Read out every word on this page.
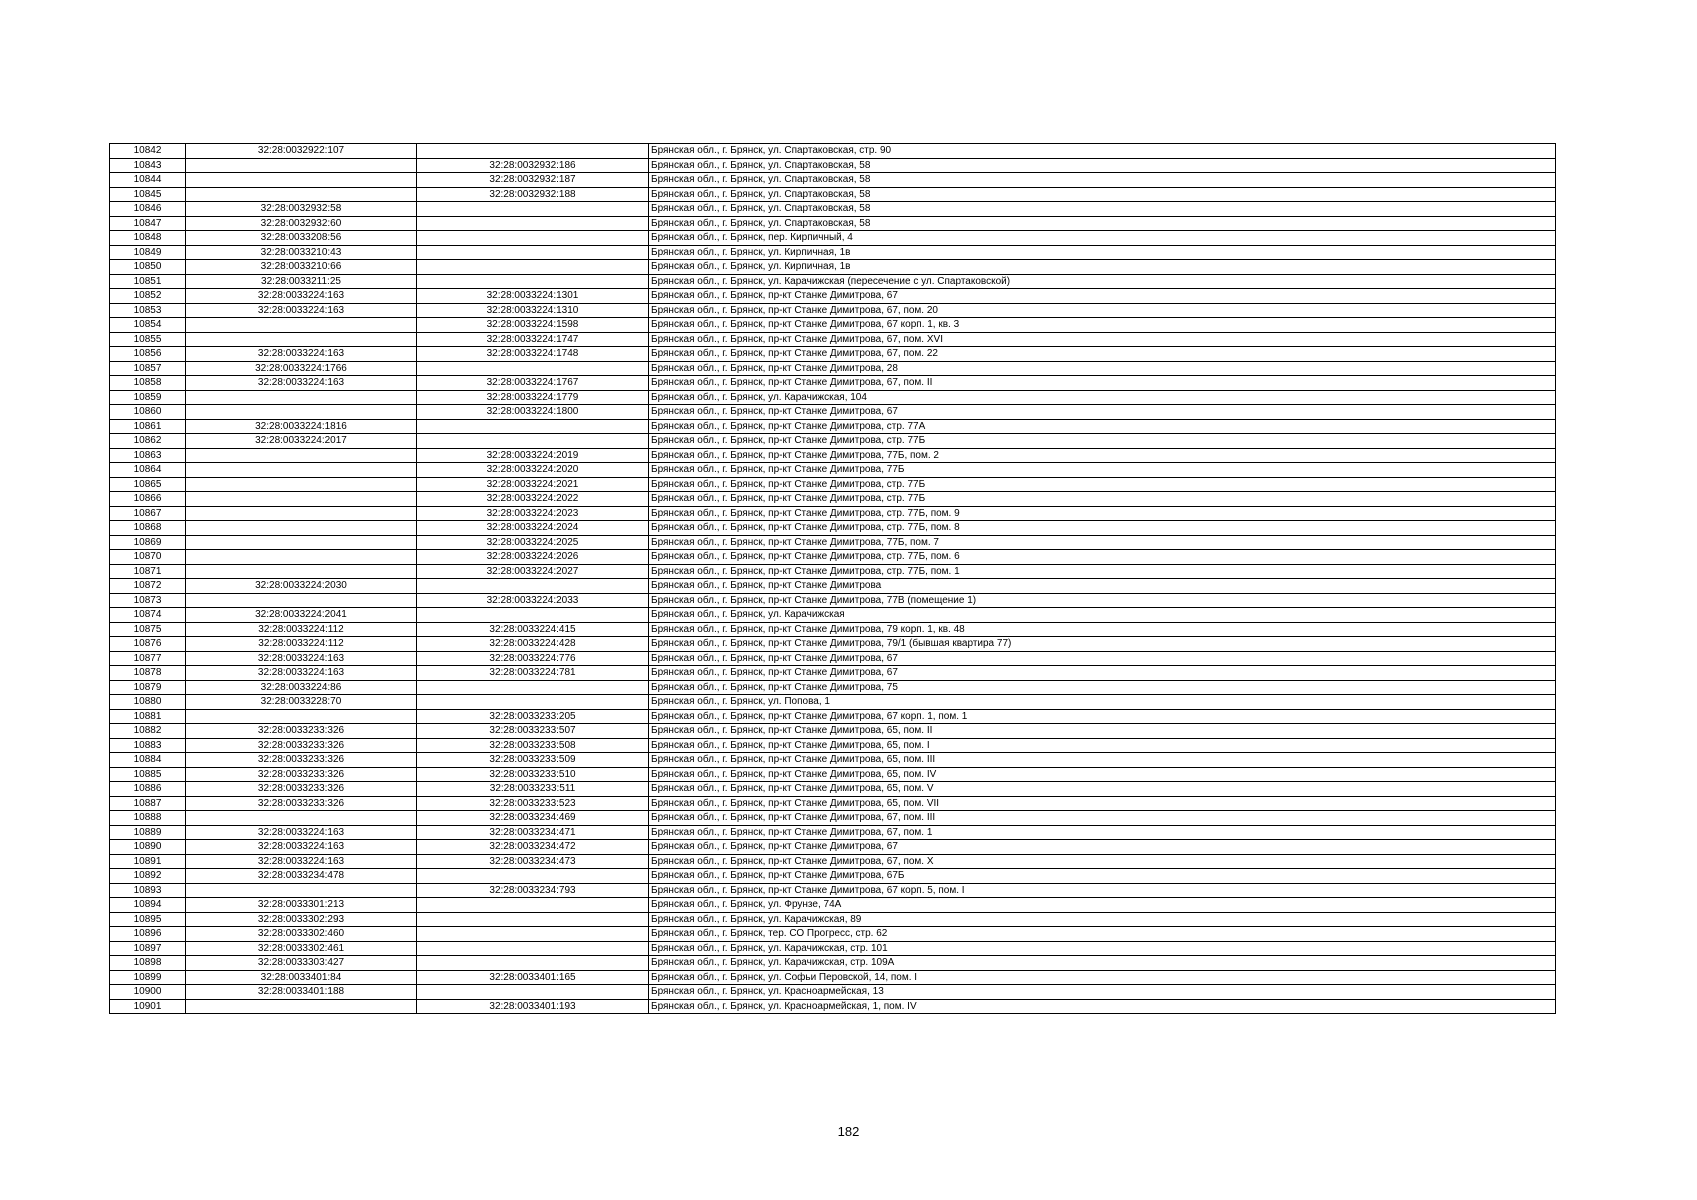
10842	32:28:0032922:107		Брянская обл., г. Брянск, ул. Спартаковская, стр. 90
10843		32:28:0032932:186	Брянская обл., г. Брянск, ул. Спартаковская, 58
10844		32:28:0032932:187	Брянская обл., г. Брянск, ул. Спартаковская, 58
10845		32:28:0032932:188	Брянская обл., г. Брянск, ул. Спартаковская, 58
10846	32:28:0032932:58		Брянская обл., г. Брянск, ул. Спартаковская, 58
10847	32:28:0032932:60		Брянская обл., г. Брянск, ул. Спартаковская, 58
10848	32:28:0033208:56		Брянская обл., г. Брянск, пер. Кирпичный, 4
10849	32:28:0033210:43		Брянская обл., г. Брянск, ул. Кирпичная, 1в
10850	32:28:0033210:66		Брянская обл., г. Брянск, ул. Кирпичная, 1в
10851	32:28:0033211:25		Брянская обл., г. Брянск, ул. Карачижская (пересечение с ул. Спартаковской)
10852	32:28:0033224:163	32:28:0033224:1301	Брянская обл., г. Брянск, пр-кт Станке Димитрова, 67
10853	32:28:0033224:163	32:28:0033224:1310	Брянская обл., г. Брянск, пр-кт Станке Димитрова, 67, пом. 20
10854		32:28:0033224:1598	Брянская обл., г. Брянск, пр-кт Станке Димитрова, 67 корп. 1, кв. 3
10855		32:28:0033224:1747	Брянская обл., г. Брянск, пр-кт Станке Димитрова, 67, пом. XVI
10856	32:28:0033224:163	32:28:0033224:1748	Брянская обл., г. Брянск, пр-кт Станке Димитрова, 67, пом. 22
10857	32:28:0033224:1766		Брянская обл., г. Брянск, пр-кт Станке Димитрова, 28
10858	32:28:0033224:163	32:28:0033224:1767	Брянская обл., г. Брянск, пр-кт Станке Димитрова, 67, пом. II
10859		32:28:0033224:1779	Брянская обл., г. Брянск, ул. Карачижская, 104
10860		32:28:0033224:1800	Брянская обл., г. Брянск, пр-кт Станке Димитрова, 67
10861	32:28:0033224:1816		Брянская обл., г. Брянск, пр-кт Станке Димитрова, стр. 77А
10862	32:28:0033224:2017		Брянская обл., г. Брянск, пр-кт Станке Димитрова, стр. 77Б
10863		32:28:0033224:2019	Брянская обл., г. Брянск, пр-кт Станке Димитрова, 77Б, пом. 2
10864		32:28:0033224:2020	Брянская обл., г. Брянск, пр-кт Станке Димитрова, 77Б
10865		32:28:0033224:2021	Брянская обл., г. Брянск, пр-кт Станке Димитрова, стр. 77Б
10866		32:28:0033224:2022	Брянская обл., г. Брянск, пр-кт Станке Димитрова, стр. 77Б
10867		32:28:0033224:2023	Брянская обл., г. Брянск, пр-кт Станке Димитрова, стр. 77Б, пом. 9
10868		32:28:0033224:2024	Брянская обл., г. Брянск, пр-кт Станке Димитрова, стр. 77Б, пом. 8
10869		32:28:0033224:2025	Брянская обл., г. Брянск, пр-кт Станке Димитрова, 77Б, пом. 7
10870		32:28:0033224:2026	Брянская обл., г. Брянск, пр-кт Станке Димитрова, стр. 77Б, пом. 6
10871		32:28:0033224:2027	Брянская обл., г. Брянск, пр-кт Станке Димитрова, стр. 77Б, пом. 1
10872	32:28:0033224:2030		Брянская обл., г. Брянск, пр-кт Станке Димитрова
10873		32:28:0033224:2033	Брянская обл., г. Брянск, пр-кт Станке Димитрова, 77В (помещение 1)
10874	32:28:0033224:2041		Брянская обл., г. Брянск, ул. Карачижская
10875	32:28:0033224:112	32:28:0033224:415	Брянская обл., г. Брянск, пр-кт Станке Димитрова, 79 корп. 1, кв. 48
10876	32:28:0033224:112	32:28:0033224:428	Брянская обл., г. Брянск, пр-кт Станке Димитрова, 79/1 (бывшая квартира 77)
10877	32:28:0033224:163	32:28:0033224:776	Брянская обл., г. Брянск, пр-кт Станке Димитрова, 67
10878	32:28:0033224:163	32:28:0033224:781	Брянская обл., г. Брянск, пр-кт Станке Димитрова, 67
10879	32:28:0033224:86		Брянская обл., г. Брянск, пр-кт Станке Димитрова, 75
10880	32:28:0033228:70		Брянская обл., г. Брянск, ул. Попова, 1
10881		32:28:0033233:205	Брянская обл., г. Брянск, пр-кт Станке Димитрова, 67 корп. 1, пом. 1
10882	32:28:0033233:326	32:28:0033233:507	Брянская обл., г. Брянск, пр-кт Станке Димитрова, 65, пом. II
10883	32:28:0033233:326	32:28:0033233:508	Брянская обл., г. Брянск, пр-кт Станке Димитрова, 65, пом. I
10884	32:28:0033233:326	32:28:0033233:509	Брянская обл., г. Брянск, пр-кт Станке Димитрова, 65, пом. III
10885	32:28:0033233:326	32:28:0033233:510	Брянская обл., г. Брянск, пр-кт Станке Димитрова, 65, пом. IV
10886	32:28:0033233:326	32:28:0033233:511	Брянская обл., г. Брянск, пр-кт Станке Димитрова, 65, пом. V
10887	32:28:0033233:326	32:28:0033233:523	Брянская обл., г. Брянск, пр-кт Станке Димитрова, 65, пом. VII
10888		32:28:0033234:469	Брянская обл., г. Брянск, пр-кт Станке Димитрова, 67, пом. III
10889	32:28:0033224:163	32:28:0033234:471	Брянская обл., г. Брянск, пр-кт Станке Димитрова, 67, пом. 1
10890	32:28:0033224:163	32:28:0033234:472	Брянская обл., г. Брянск, пр-кт Станке Димитрова, 67
10891	32:28:0033224:163	32:28:0033234:473	Брянская обл., г. Брянск, пр-кт Станке Димитрова, 67, пом. X
10892	32:28:0033234:478		Брянская обл., г. Брянск, пр-кт Станке Димитрова, 67Б
10893		32:28:0033234:793	Брянская обл., г. Брянск, пр-кт Станке Димитрова, 67 корп. 5, пом. I
10894	32:28:0033301:213		Брянская обл., г. Брянск, ул. Фрунзе, 74А
10895	32:28:0033302:293		Брянская обл., г. Брянск, ул. Карачижская, 89
10896	32:28:0033302:460		Брянская обл., г. Брянск, тер. СО Прогресс, стр. 62
10897	32:28:0033302:461		Брянская обл., г. Брянск, ул. Карачижская, стр. 101
10898	32:28:0033303:427		Брянская обл., г. Брянск, ул. Карачижская, стр. 109А
10899	32:28:0033401:84	32:28:0033401:165	Брянская обл., г. Брянск, ул. Софьи Перовской, 14, пом. I
10900	32:28:0033401:188		Брянская обл., г. Брянск, ул. Красноармейская, 13
10901		32:28:0033401:193	Брянская обл., г. Брянск, ул. Красноармейская, 1, пом. IV
182
